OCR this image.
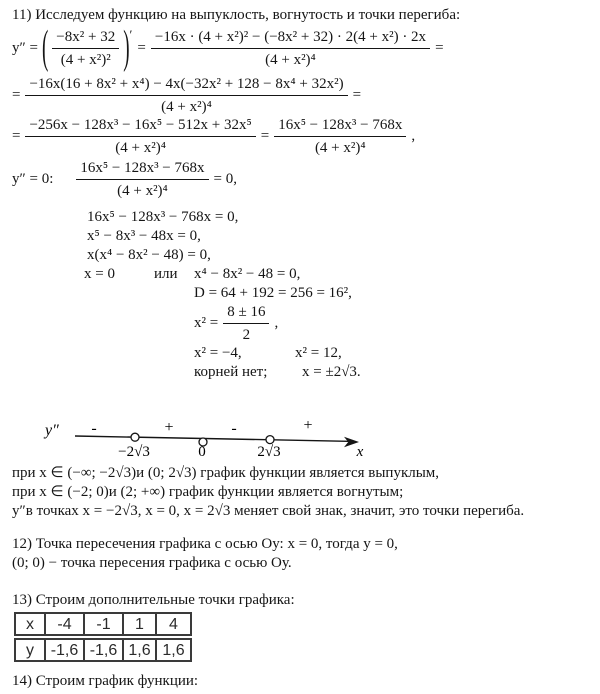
11) Исследуем функцию на выпуклость, вогнутость и точки перегиба:
y″ = ( $\frac{\text{−8x² + 32}}{\text{(4 + x²)²}}$ ) ′
= $\frac{\text{−16x · (4 + x²)² − (−8x² + 32) · 2(4 + x²) · 2x}}{\text{(4 + x²)⁴}}$ =
= $\frac{\text{−16x(16 + 8x² + x⁴) − 4x(−32x² + 128 − 8x⁴ + 32x²)}}{\text{(4 + x²)⁴}}$ =
= $\frac{\text{−256x − 128x³ − 16x⁵ − 512x + 32x⁵}}{\text{(4 + x²)⁴}} = \frac{\text{16x⁵ − 128x³ − 768x}}{\text{(4 + x²)⁴}}$ ,
y″ = 0: $\frac{\text{16x⁵ − 128x³ − 768x}}{\text{(4 + x²)⁴}} = 0$,
16x⁵ − 128x³ − 768x = 0,
x⁵ − 8x³ − 48x = 0,
x(x⁴ − 8x² − 48) = 0,
x = 0	или	x⁴ − 8x² − 48 = 0,
D = 64 + 192 = 256 = 16²,
$x^2 = \frac{8 \pm 16}{2}$ ,
x² = −4,	x² = 12,
корней нет;	x = ±2√3.
y″ -	+	-	+
−2√3	0	2√3	x
при x ∈ (−∞; −2√3)и (0; 2√3) график функции является выпуклым,
при x ∈ (−2; 0)и (2; +∞) график функции является вогнутым;
y″в точках x = −2√3, x = 0, x = 2√3 меняет свой знак, значит, это точки перегиба.
12) Точка пересечения графика с осью Оу: x = 0, тогда y = 0,
(0; 0) − точка пересения графика с осью Оу.
13) Строим дополнительные точки графика:
x	-4	-1	1	4
y	-1,6	-1,6	1,6	1,6
14) Строим график функции:
